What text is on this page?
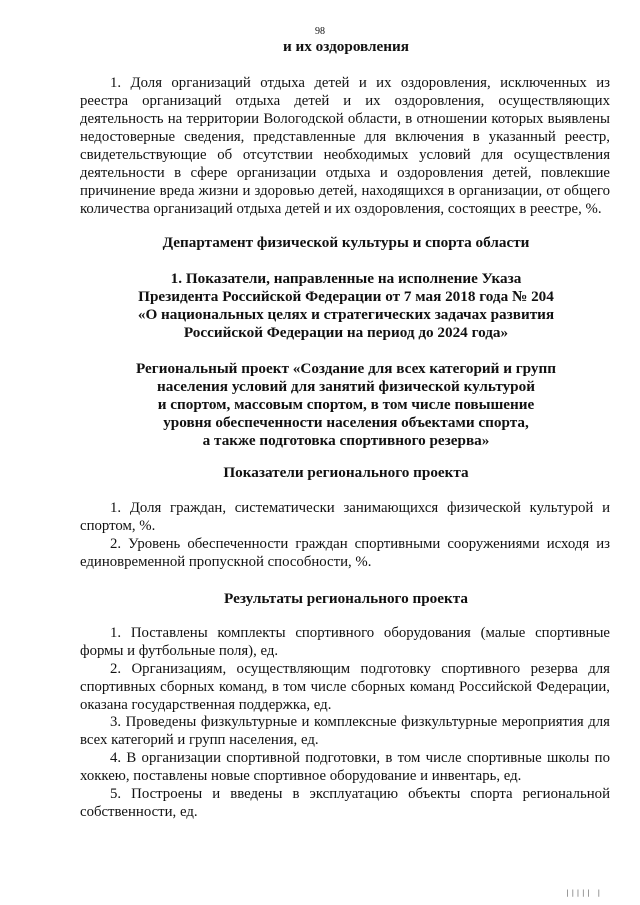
98
и их оздоровления

1. Доля организаций отдыха детей и их оздоровления, исключенных из реестра организаций отдыха детей и их оздоровления, осуществляющих деятельность на территории Вологодской области, в отношении которых выявлены недостоверные сведения, представленные для включения в указанный реестр, свидетельствующие об отсутствии необходимых условий для осуществления деятельности в сфере организации отдыха и оздоровления детей, повлекшие причинение вреда жизни и здоровью детей, находящихся в организации, от общего количества организаций отдыха детей и их оздоровления, состоящих в реестре, %.

Департамент физической культуры и спорта области
1. Показатели, направленные на исполнение Указа
Президента Российской Федерации от 7 мая 2018 года № 204
«О национальных целях и стратегических задачах развития
Российской Федерации на период до 2024 года»
Региональный проект «Создание для всех категорий и групп
населения условий для занятий физической культурой
и спортом, массовым спортом, в том числе повышение
уровня обеспеченности населения объектами спорта,
а также подготовка спортивного резерва»
Показатели регионального проекта

1. Доля граждан, систематически занимающихся физической культурой и спортом, %.

2. Уровень обеспеченности граждан спортивными сооружениями исходя из единовременной пропускной способности, %.

Результаты регионального проекта

1. Поставлены комплекты спортивного оборудования (малые спортивные формы и футбольные поля), ед.

2. Организациям, осуществляющим подготовку спортивного резерва для спортивных сборных команд, в том числе сборных команд Российской Федерации, оказана государственная поддержка, ед.

3. Проведены физкультурные и комплексные физкультурные мероприятия для всех категорий и групп населения, ед.

4. В организации спортивной подготовки, в том числе спортивные школы по хоккею, поставлены новые спортивное оборудование и инвентарь, ед.

5. Построены и введены в эксплуатацию объекты спорта региональной собственности, ед.

||||| |
